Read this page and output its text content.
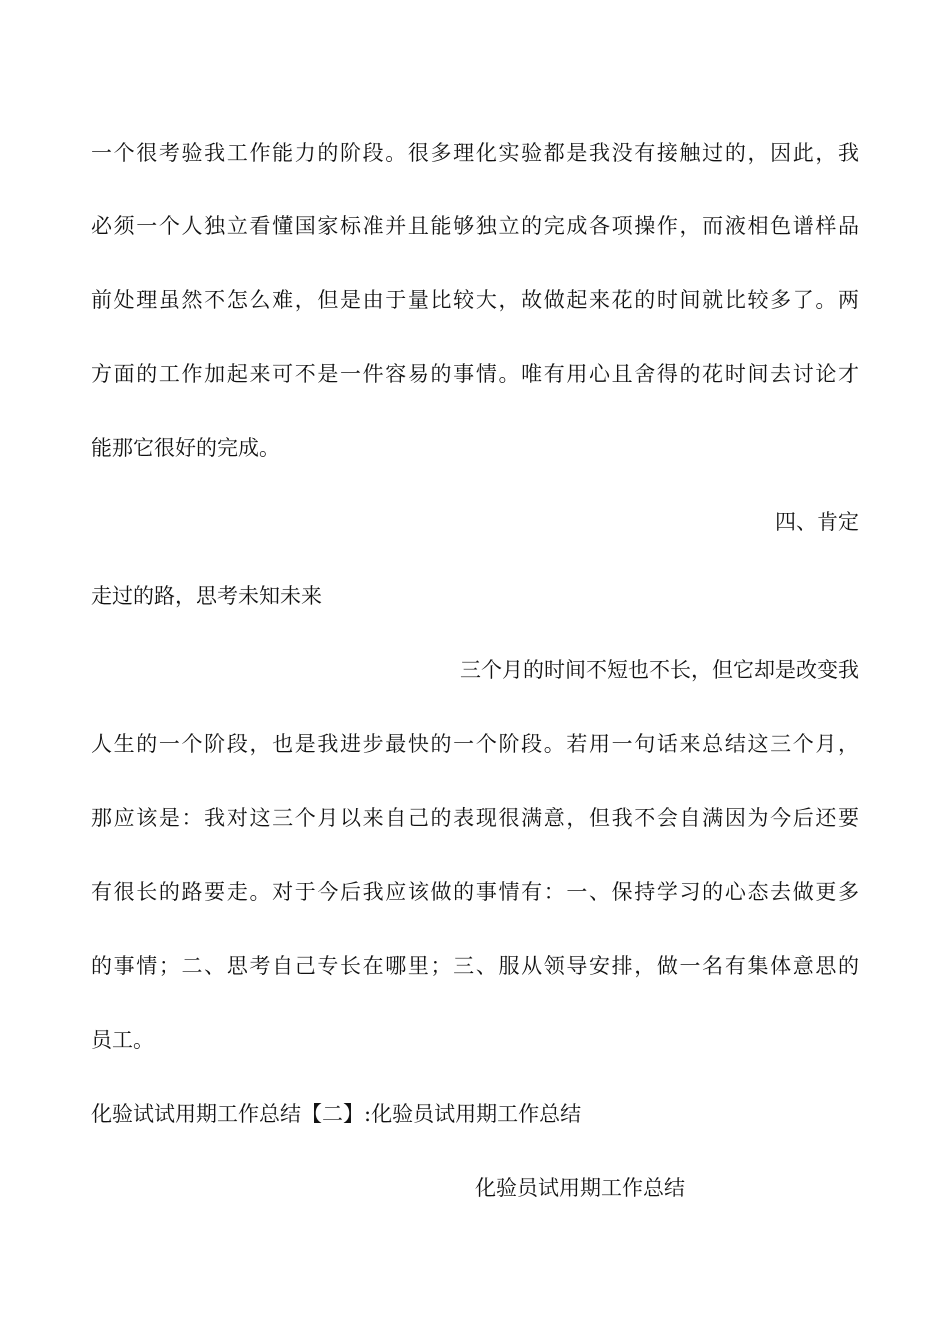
一个很考验我工作能力的阶段。很多理化实验都是我没有接触过的，因此，我
必须一个人独立看懂国家标准并且能够独立的完成各项操作，而液相色谱样品
前处理虽然不怎么难，但是由于量比较大，故做起来花的时间就比较多了。两
方面的工作加起来可不是一件容易的事情。唯有用心且舍得的花时间去讨论才
能那它很好的完成。
四、肯定
走过的路，思考未知未来
三个月的时间不短也不长，但它却是改变我
人生的一个阶段，也是我进步最快的一个阶段。若用一句话来总结这三个月，
那应该是：我对这三个月以来自己的表现很满意，但我不会自满因为今后还要
有很长的路要走。对于今后我应该做的事情有：一、保持学习的心态去做更多
的事情；二、思考自己专长在哪里；三、服从领导安排，做一名有集体意思的
员工。
化验试试用期工作总结【二】:化验员试用期工作总结
化验员试用期工作总结
